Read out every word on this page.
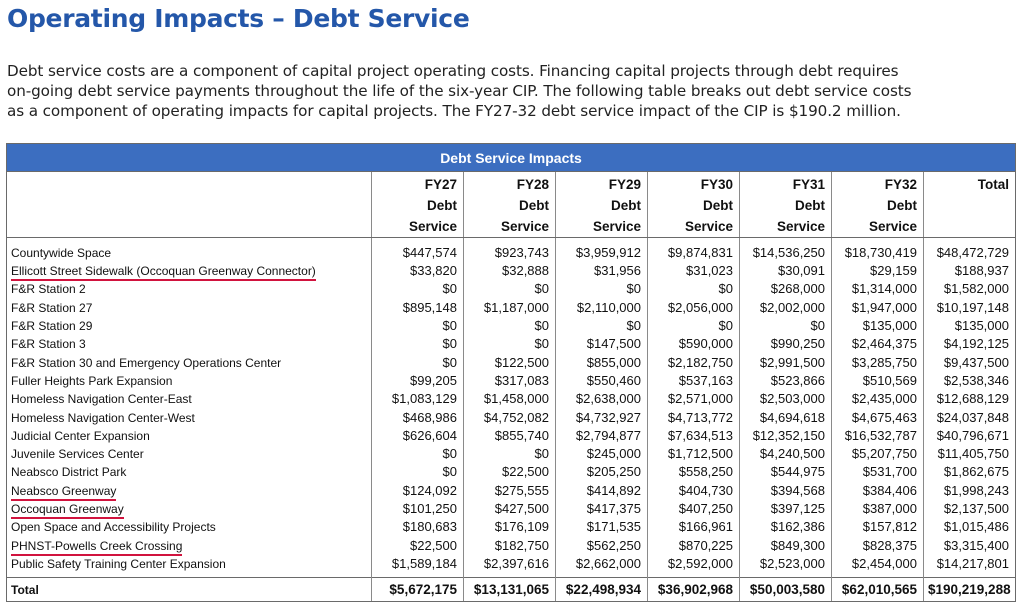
Operating Impacts – Debt Service
Debt service costs are a component of capital project operating costs. Financing capital projects through debt requires
on-going debt service payments throughout the life of the six-year CIP. The following table breaks out debt service costs
as a component of operating impacts for capital projects. The FY27-32 debt service impact of the CIP is $190.2 million.
Debt Service Impacts							

	FY27
Debt
Service	FY28
Debt
Service	FY29
Debt
Service	FY30
Debt
Service	FY31
Debt
Service	FY32
Debt
Service	Total

Countywide Space	$447,574	$923,743	$3,959,912	$9,874,831	$14,536,250	$18,730,419	$48,472,729
Ellicott Street Sidewalk (Occoquan Greenway Connector)	$33,820	$32,888	$31,956	$31,023	$30,091	$29,159	$188,937
F&R Station 2	$0	$0	$0	$0	$268,000	$1,314,000	$1,582,000
F&R Station 27	$895,148	$1,187,000	$2,110,000	$2,056,000	$2,002,000	$1,947,000	$10,197,148
F&R Station 29	$0	$0	$0	$0	$0	$135,000	$135,000
F&R Station 3	$0	$0	$147,500	$590,000	$990,250	$2,464,375	$4,192,125
F&R Station 30 and Emergency Operations Center	$0	$122,500	$855,000	$2,182,750	$2,991,500	$3,285,750	$9,437,500
Fuller Heights Park Expansion	$99,205	$317,083	$550,460	$537,163	$523,866	$510,569	$2,538,346
Homeless Navigation Center-East	$1,083,129	$1,458,000	$2,638,000	$2,571,000	$2,503,000	$2,435,000	$12,688,129
Homeless Navigation Center-West	$468,986	$4,752,082	$4,732,927	$4,713,772	$4,694,618	$4,675,463	$24,037,848
Judicial Center Expansion	$626,604	$855,740	$2,794,877	$7,634,513	$12,352,150	$16,532,787	$40,796,671
Juvenile Services Center	$0	$0	$245,000	$1,712,500	$4,240,500	$5,207,750	$11,405,750
Neabsco District Park	$0	$22,500	$205,250	$558,250	$544,975	$531,700	$1,862,675
Neabsco Greenway	$124,092	$275,555	$414,892	$404,730	$394,568	$384,406	$1,998,243
Occoquan Greenway	$101,250	$427,500	$417,375	$407,250	$397,125	$387,000	$2,137,500
Open Space and Accessibility Projects	$180,683	$176,109	$171,535	$166,961	$162,386	$157,812	$1,015,486
PHNST-Powells Creek Crossing	$22,500	$182,750	$562,250	$870,225	$849,300	$828,375	$3,315,400
Public Safety Training Center Expansion	$1,589,184	$2,397,616	$2,662,000	$2,592,000	$2,523,000	$2,454,000	$14,217,801
Total	$5,672,175	$13,131,065	$22,498,934	$36,902,968	$50,003,580	$62,010,565	$190,219,288
